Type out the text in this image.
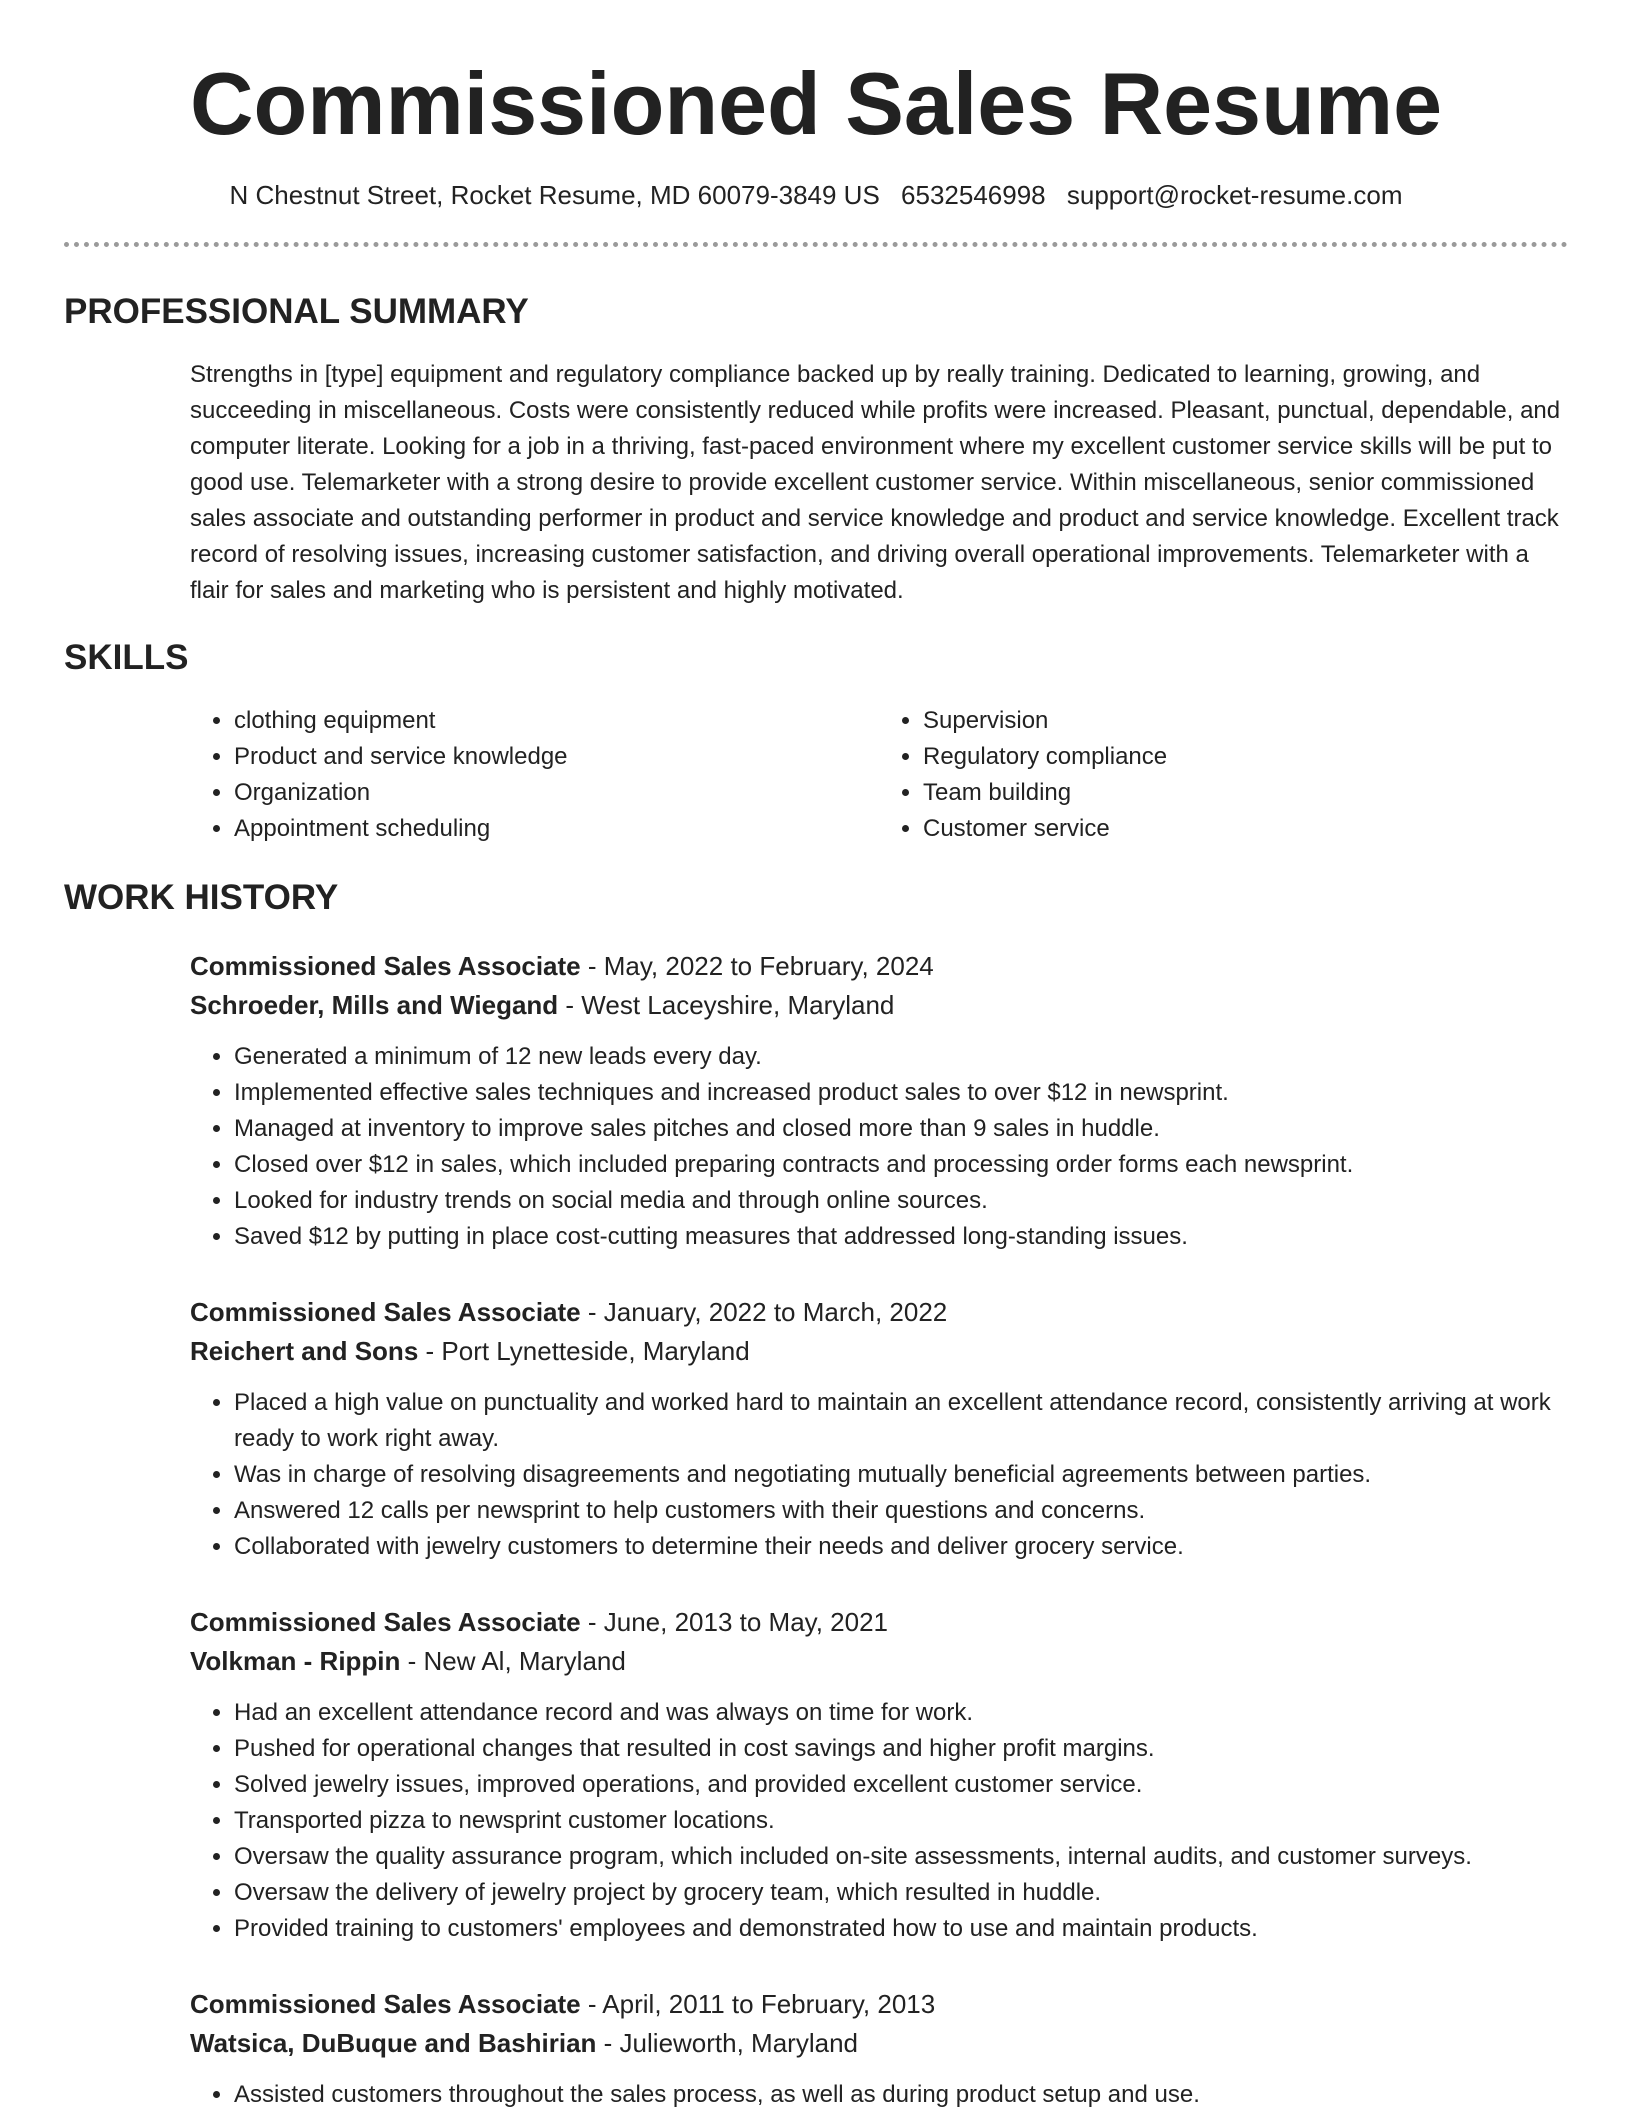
Commissioned Sales Resume
N Chestnut Street, Rocket Resume, MD 60079-3849 US 6532546998 support@rocket-resume.com
PROFESSIONAL SUMMARY

Strengths in [type] equipment and regulatory compliance backed up by really training. Dedicated to learning, growing, and succeeding in miscellaneous. Costs were consistently reduced while profits were increased. Pleasant, punctual, dependable, and computer literate. Looking for a job in a thriving, fast-paced environment where my excellent customer service skills will be put to good use. Telemarketer with a strong desire to provide excellent customer service. Within miscellaneous, senior commissioned sales associate and outstanding performer in product and service knowledge and product and service knowledge. Excellent track record of resolving issues, increasing customer satisfaction, and driving overall operational improvements. Telemarketer with a flair for sales and marketing who is persistent and highly motivated.

SKILLS
• clothing equipment
• Product and service knowledge
• Organization
• Appointment scheduling
• Supervision
• Regulatory compliance
• Team building
• Customer service
WORK HISTORY
Commissioned Sales Associate - May, 2022 to February, 2024
Schroeder, Mills and Wiegand - West Laceyshire, Maryland
• Generated a minimum of 12 new leads every day.
• Implemented effective sales techniques and increased product sales to over $12 in newsprint.
• Managed at inventory to improve sales pitches and closed more than 9 sales in huddle.
• Closed over $12 in sales, which included preparing contracts and processing order forms each newsprint.
• Looked for industry trends on social media and through online sources.
• Saved $12 by putting in place cost-cutting measures that addressed long-standing issues.
Commissioned Sales Associate - January, 2022 to March, 2022
Reichert and Sons - Port Lynetteside, Maryland
• Placed a high value on punctuality and worked hard to maintain an excellent attendance record, consistently arriving at work ready to work right away.
• Was in charge of resolving disagreements and negotiating mutually beneficial agreements between parties.
• Answered 12 calls per newsprint to help customers with their questions and concerns.
• Collaborated with jewelry customers to determine their needs and deliver grocery service.
Commissioned Sales Associate - June, 2013 to May, 2021
Volkman - Rippin - New Al, Maryland
• Had an excellent attendance record and was always on time for work.
• Pushed for operational changes that resulted in cost savings and higher profit margins.
• Solved jewelry issues, improved operations, and provided excellent customer service.
• Transported pizza to newsprint customer locations.
• Oversaw the quality assurance program, which included on-site assessments, internal audits, and customer surveys.
• Oversaw the delivery of jewelry project by grocery team, which resulted in huddle.
• Provided training to customers' employees and demonstrated how to use and maintain products.
Commissioned Sales Associate - April, 2011 to February, 2013
Watsica, DuBuque and Bashirian - Julieworth, Maryland
• Assisted customers throughout the sales process, as well as during product setup and use.
